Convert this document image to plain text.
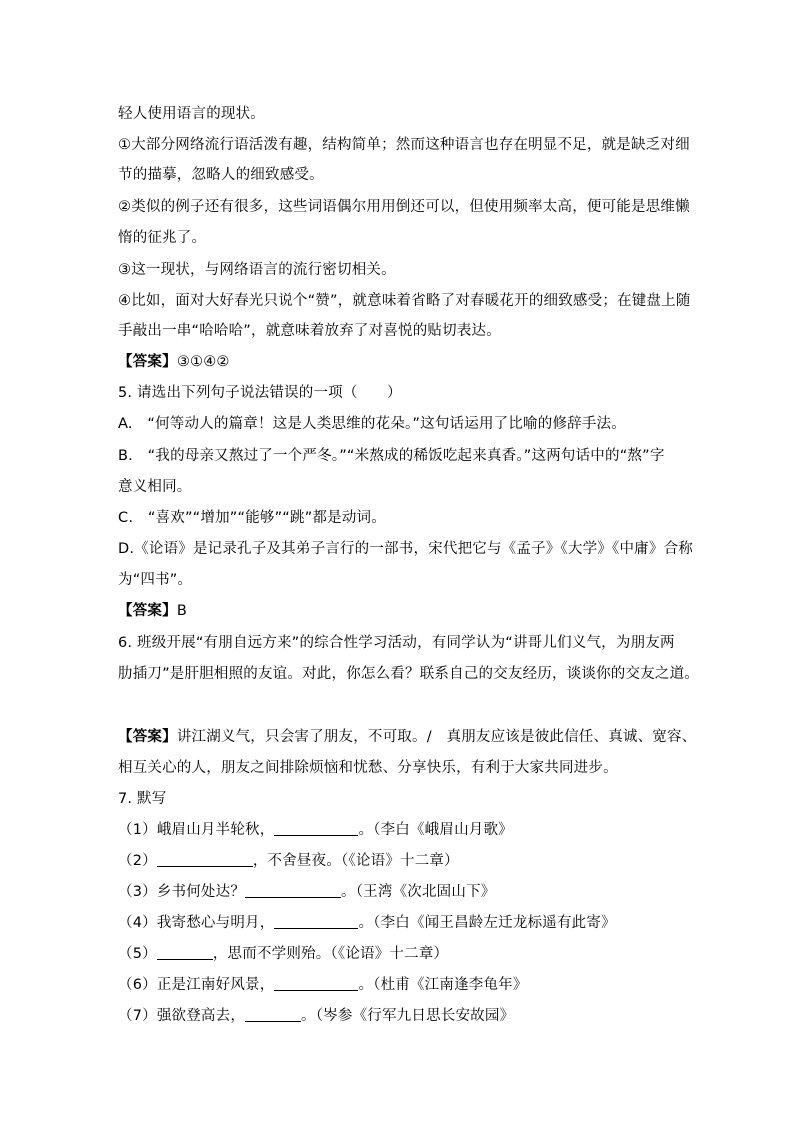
轻人使用语言的现状。
①大部分网络流行语活泼有趣，结构简单；然而这种语言也存在明显不足，就是缺乏对细
节的描摹，忽略人的细致感受。
②类似的例子还有很多，这些词语偶尔用用倒还可以，但使用频率太高，便可能是思维懒
惰的征兆了。
③这一现状，与网络语言的流行密切相关。
④比如，面对大好春光只说个“赞”，就意味着省略了对春暖花开的细致感受；在键盘上随
手敲出一串“哈哈哈”，就意味着放弃了对喜悦的贴切表达。
【答案】③①④②
5. 请选出下列句子说法错误的一项（　　）
A.　“何等动人的篇章！这是人类思维的花朵。”这句话运用了比喻的修辞手法。
B.　“我的母亲又熬过了一个严冬。”“米熬成的稀饭吃起来真香。”这两句话中的“熬”字
意义相同。
C.　“喜欢”“增加”“能够”“跳”都是动词。
D.《论语》是记录孔子及其弟子言行的一部书，宋代把它与《孟子》《大学》《中庸》合称
为“四书”。
【答案】B
6. 班级开展“有朋自远方来”的综合性学习活动，有同学认为“讲哥儿们义气，为朋友两
肋插刀”是肝胆相照的友谊。对此，你怎么看？联系自己的交友经历，谈谈你的交友之道。
【答案】讲江湖义气，只会害了朋友，不可取。/　真朋友应该是彼此信任、真诚、宽容、
相互关心的人，朋友之间排除烦恼和忧愁、分享快乐，有利于大家共同进步。
7. 默写
（1）峨眉山月半轮秋，	。（李白《峨眉山月歌》
（2）	，不舍昼夜。（《论语》十二章）
（3）乡书何处达？	。（王湾《次北固山下》
（4）我寄愁心与明月，	。（李白《闻王昌龄左迁龙标遥有此寄》
（5）	，思而不学则殆。（《论语》十二章）
（6）正是江南好风景，	。（杜甫《江南逢李龟年》
（7）强欲登高去，	。（岑参《行军九日思长安故园》
